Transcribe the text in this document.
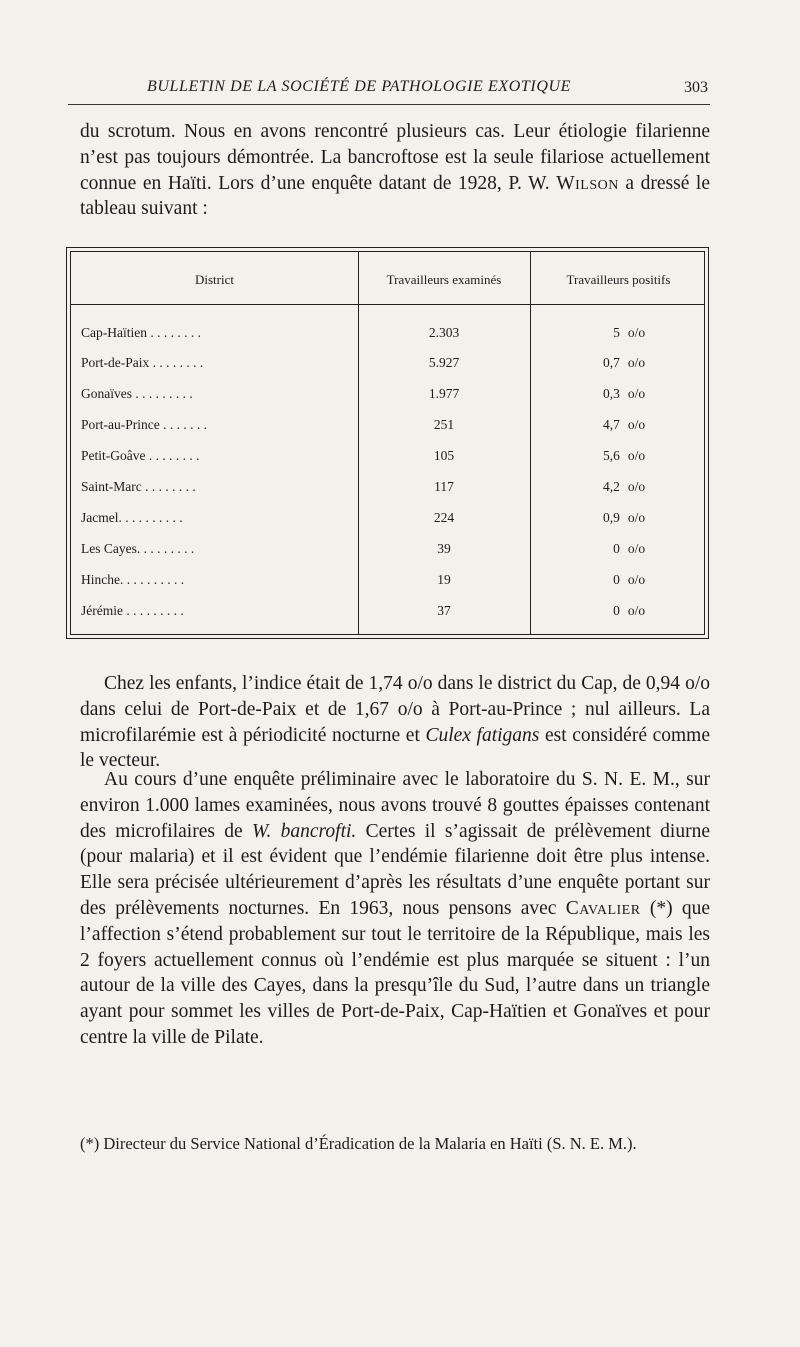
BULLETIN DE LA SOCIÉTÉ DE PATHOLOGIE EXOTIQUE	303

du scrotum. Nous en avons rencontré plusieurs cas. Leur étiologie filarienne n’est pas toujours démontrée. La bancroftose est la seule filariose actuellement connue en Haïti. Lors d’une enquête datant de 1928, P. W. Wilson a dressé le tableau suivant :

District	Travailleurs examinés	Travailleurs positifs
Cap-Haïtien . . . . . . . .	2.303	5 o/o
Port-de-Paix . . . . . . . .	5.927	0,7 o/o
Gonaïves . . . . . . . . .	1.977	0,3 o/o
Port-au-Prince . . . . . . .	251	4,7 o/o
Petit-Goâve . . . . . . . .	105	5,6 o/o
Saint-Marc . . . . . . . .	117	4,2 o/o
Jacmel. . . . . . . . . .	224	0,9 o/o
Les Cayes. . . . . . . . .	39	0 o/o
Hinche. . . . . . . . . .	19	0 o/o
Jérémie . . . . . . . . .	37	0 o/o

Chez les enfants, l’indice était de 1,74 o/o dans le district du Cap, de 0,94 o/o dans celui de Port-de-Paix et de 1,67 o/o à Port-au-Prince ; nul ailleurs. La microfilarémie est à périodicité nocturne et Culex fatigans est considéré comme le vecteur.

Au cours d’une enquête préliminaire avec le laboratoire du S. N. E. M., sur environ 1.000 lames examinées, nous avons trouvé 8 gouttes épaisses contenant des microfilaires de W. bancrofti. Certes il s’agissait de prélèvement diurne (pour malaria) et il est évident que l’endémie filarienne doit être plus intense. Elle sera précisée ultérieurement d’après les résultats d’une enquête portant sur des prélèvements nocturnes. En 1963, nous pensons avec Cavalier (*) que l’affection s’étend probablement sur tout le territoire de la République, mais les 2 foyers actuellement connus où l’endémie est plus marquée se situent : l’un autour de la ville des Cayes, dans la presqu’île du Sud, l’autre dans un triangle ayant pour sommet les villes de Port-de-Paix, Cap-Haïtien et Gonaïves et pour centre la ville de Pilate.

(*) Directeur du Service National d’Éradication de la Malaria en Haïti (S. N. E. M.).
